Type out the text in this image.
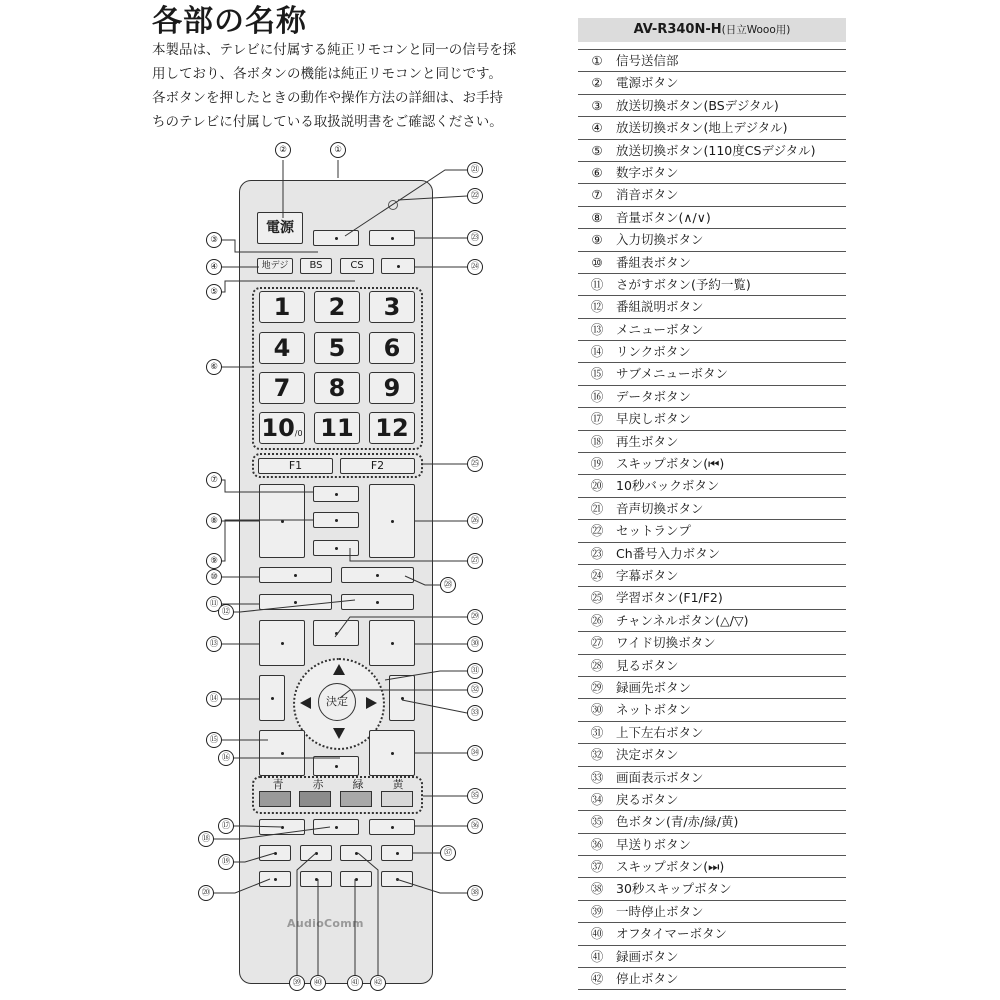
各部の名称
本製品は、テレビに付属する純正リモコンと同一の信号を採
用しており、各ボタンの機能は純正リモコンと同じです。
各ボタンを押したときの動作や操作方法の詳細は、お手持
ちのテレビに付属している取扱説明書をご確認ください。
AV-R340N-H(日立Wooo用)
① 信号送信部
② 電源ボタン
③ 放送切換ボタン(BSデジタル)
④ 放送切換ボタン(地上デジタル)
⑤ 放送切換ボタン(110度CSデジタル)
⑥ 数字ボタン
⑦ 消音ボタン
⑧ 音量ボタン(∧/∨)
⑨ 入力切換ボタン
⑩ 番組表ボタン
⑪ さがすボタン(予約一覧)
⑫ 番組説明ボタン
⑬ メニューボタン
⑭ リンクボタン
⑮ サブメニューボタン
⑯ データボタン
⑰ 早戻しボタン
⑱ 再生ボタン
⑲ スキップボタン(⏮)
⑳ 10秒バックボタン
㉑ 音声切換ボタン
㉒ セットランプ
㉓ Ch番号入力ボタン
㉔ 字幕ボタン
㉕ 学習ボタン(F1/F2)
㉖ チャンネルボタン(△/▽)
㉗ ワイド切換ボタン
㉘ 見るボタン
㉙ 録画先ボタン
㉚ ネットボタン
㉛ 上下左右ボタン
㉜ 決定ボタン
㉝ 画面表示ボタン
㉞ 戻るボタン
㉟ 色ボタン(青/赤/緑/黄)
㊱ 早送りボタン
㊲ スキップボタン(⏭)
㊳ 30秒スキップボタン
㊴ 一時停止ボタン
㊵ オフタイマーボタン
㊶ 録画ボタン
㊷ 停止ボタン
電源
地デジ	BS	CS
1	2	3
4	5	6
7	8	9
10/0 11 12
F1	F2
決定
青	赤	緑	黄
AudioComm
①
②
③
④
⑤
⑥
⑦
⑧
⑨
⑩
⑪
⑫
⑬
⑭
⑮
⑯
⑰
⑱
⑲
⑳
㉑
㉒
㉓
㉔
㉕
㉖
㉗
㉘
㉙
㉚
㉛
㉜
㉝
㉞
㉟
㊱
㊲
㊳
㊴	㊵	㊶	㊷
